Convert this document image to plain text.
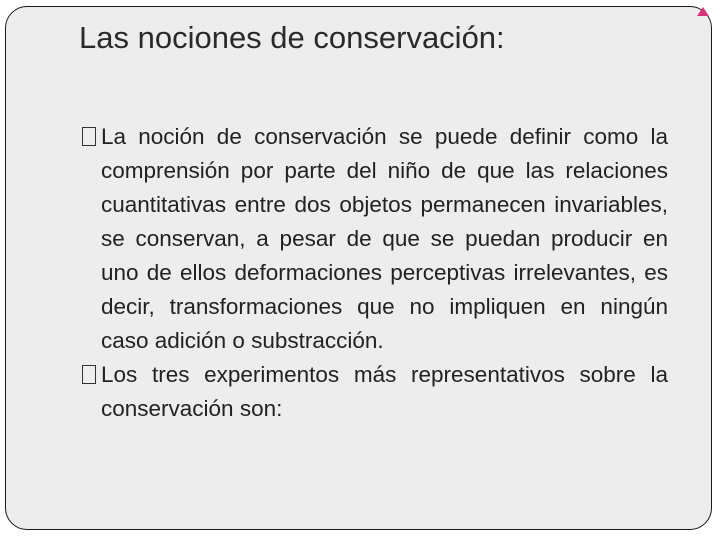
Las nociones de conservación:
La noción de conservación se puede definir como la comprensión por parte del niño de que las relaciones cuantitativas entre dos objetos permanecen invariables, se conservan, a pesar de que se puedan producir en uno de ellos deformaciones perceptivas irrelevantes, es decir, transformaciones que no impliquen en ningún caso adición o substracción.
Los tres experimentos más representativos sobre la conservación son:
